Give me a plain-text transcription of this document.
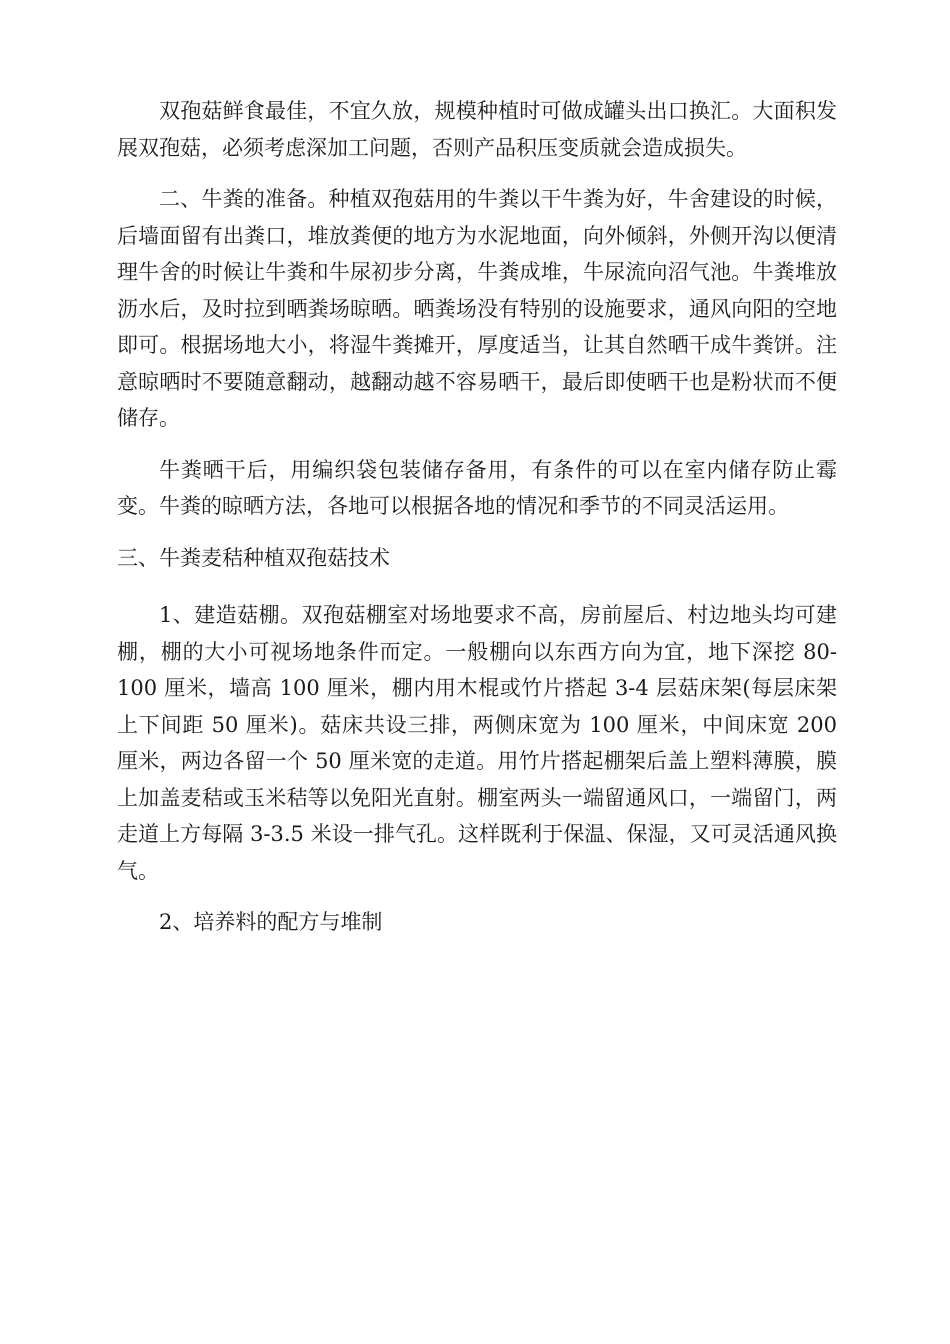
双孢菇鲜食最佳，不宜久放，规模种植时可做成罐头出口换汇。大面积发展双孢菇，必须考虑深加工问题，否则产品积压变质就会造成损失。

二、牛粪的准备。种植双孢菇用的牛粪以干牛粪为好，牛舍建设的时候，后墙面留有出粪口，堆放粪便的地方为水泥地面，向外倾斜，外侧开沟以便清理牛舍的时候让牛粪和牛尿初步分离，牛粪成堆，牛尿流向沼气池。牛粪堆放沥水后，及时拉到晒粪场晾晒。晒粪场没有特别的设施要求，通风向阳的空地即可。根据场地大小，将湿牛粪摊开，厚度适当，让其自然晒干成牛粪饼。注意晾晒时不要随意翻动，越翻动越不容易晒干，最后即使晒干也是粉状而不便储存。

牛粪晒干后，用编织袋包装储存备用，有条件的可以在室内储存防止霉变。牛粪的晾晒方法，各地可以根据各地的情况和季节的不同灵活运用。

三、牛粪麦秸种植双孢菇技术

1、建造菇棚。双孢菇棚室对场地要求不高，房前屋后、村边地头均可建棚，棚的大小可视场地条件而定。一般棚向以东西方向为宜，地下深挖 80-100 厘米，墙高 100 厘米，棚内用木棍或竹片搭起 3-4 层菇床架(每层床架上下间距 50 厘米)。菇床共设三排，两侧床宽为 100 厘米，中间床宽 200 厘米，两边各留一个 50 厘米宽的走道。用竹片搭起棚架后盖上塑料薄膜，膜上加盖麦秸或玉米秸等以免阳光直射。棚室两头一端留通风口，一端留门，两走道上方每隔 3-3.5 米设一排气孔。这样既利于保温、保湿，又可灵活通风换气。

2、培养料的配方与堆制
